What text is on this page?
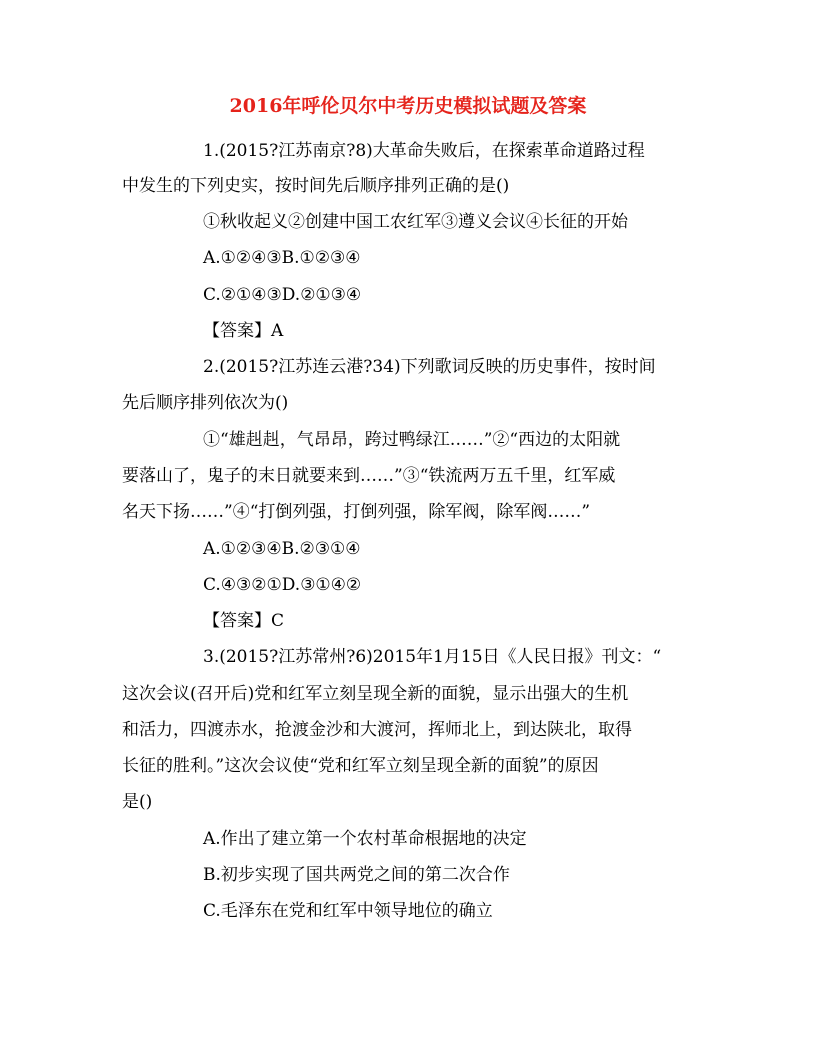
2016年呼伦贝尔中考历史模拟试题及答案
1.(2015?江苏南京?8)大革命失败后，在探索革命道路过程
中发生的下列史实，按时间先后顺序排列正确的是()
①秋收起义②创建中国工农红军③遵义会议④长征的开始
A.①②④③B.①②③④
C.②①④③D.②①③④
【答案】A
2.(2015?江苏连云港?34)下列歌词反映的历史事件，按时间
先后顺序排列依次为()
①“雄赳赳，气昂昂，跨过鸭绿江……”②“西边的太阳就
要落山了，鬼子的末日就要来到……”③“铁流两万五千里，红军威
名天下扬……”④“打倒列强，打倒列强，除军阀，除军阀……”
A.①②③④B.②③①④
C.④③②①D.③①④②
【答案】C
3.(2015?江苏常州?6)2015年1月15日《人民日报》刊文：“
这次会议(召开后)党和红军立刻呈现全新的面貌，显示出强大的生机
和活力，四渡赤水，抢渡金沙和大渡河，挥师北上，到达陕北，取得
长征的胜利。”这次会议使“党和红军立刻呈现全新的面貌”的原因
是()
A.作出了建立第一个农村革命根据地的决定
B.初步实现了国共两党之间的第二次合作
C.毛泽东在党和红军中领导地位的确立
